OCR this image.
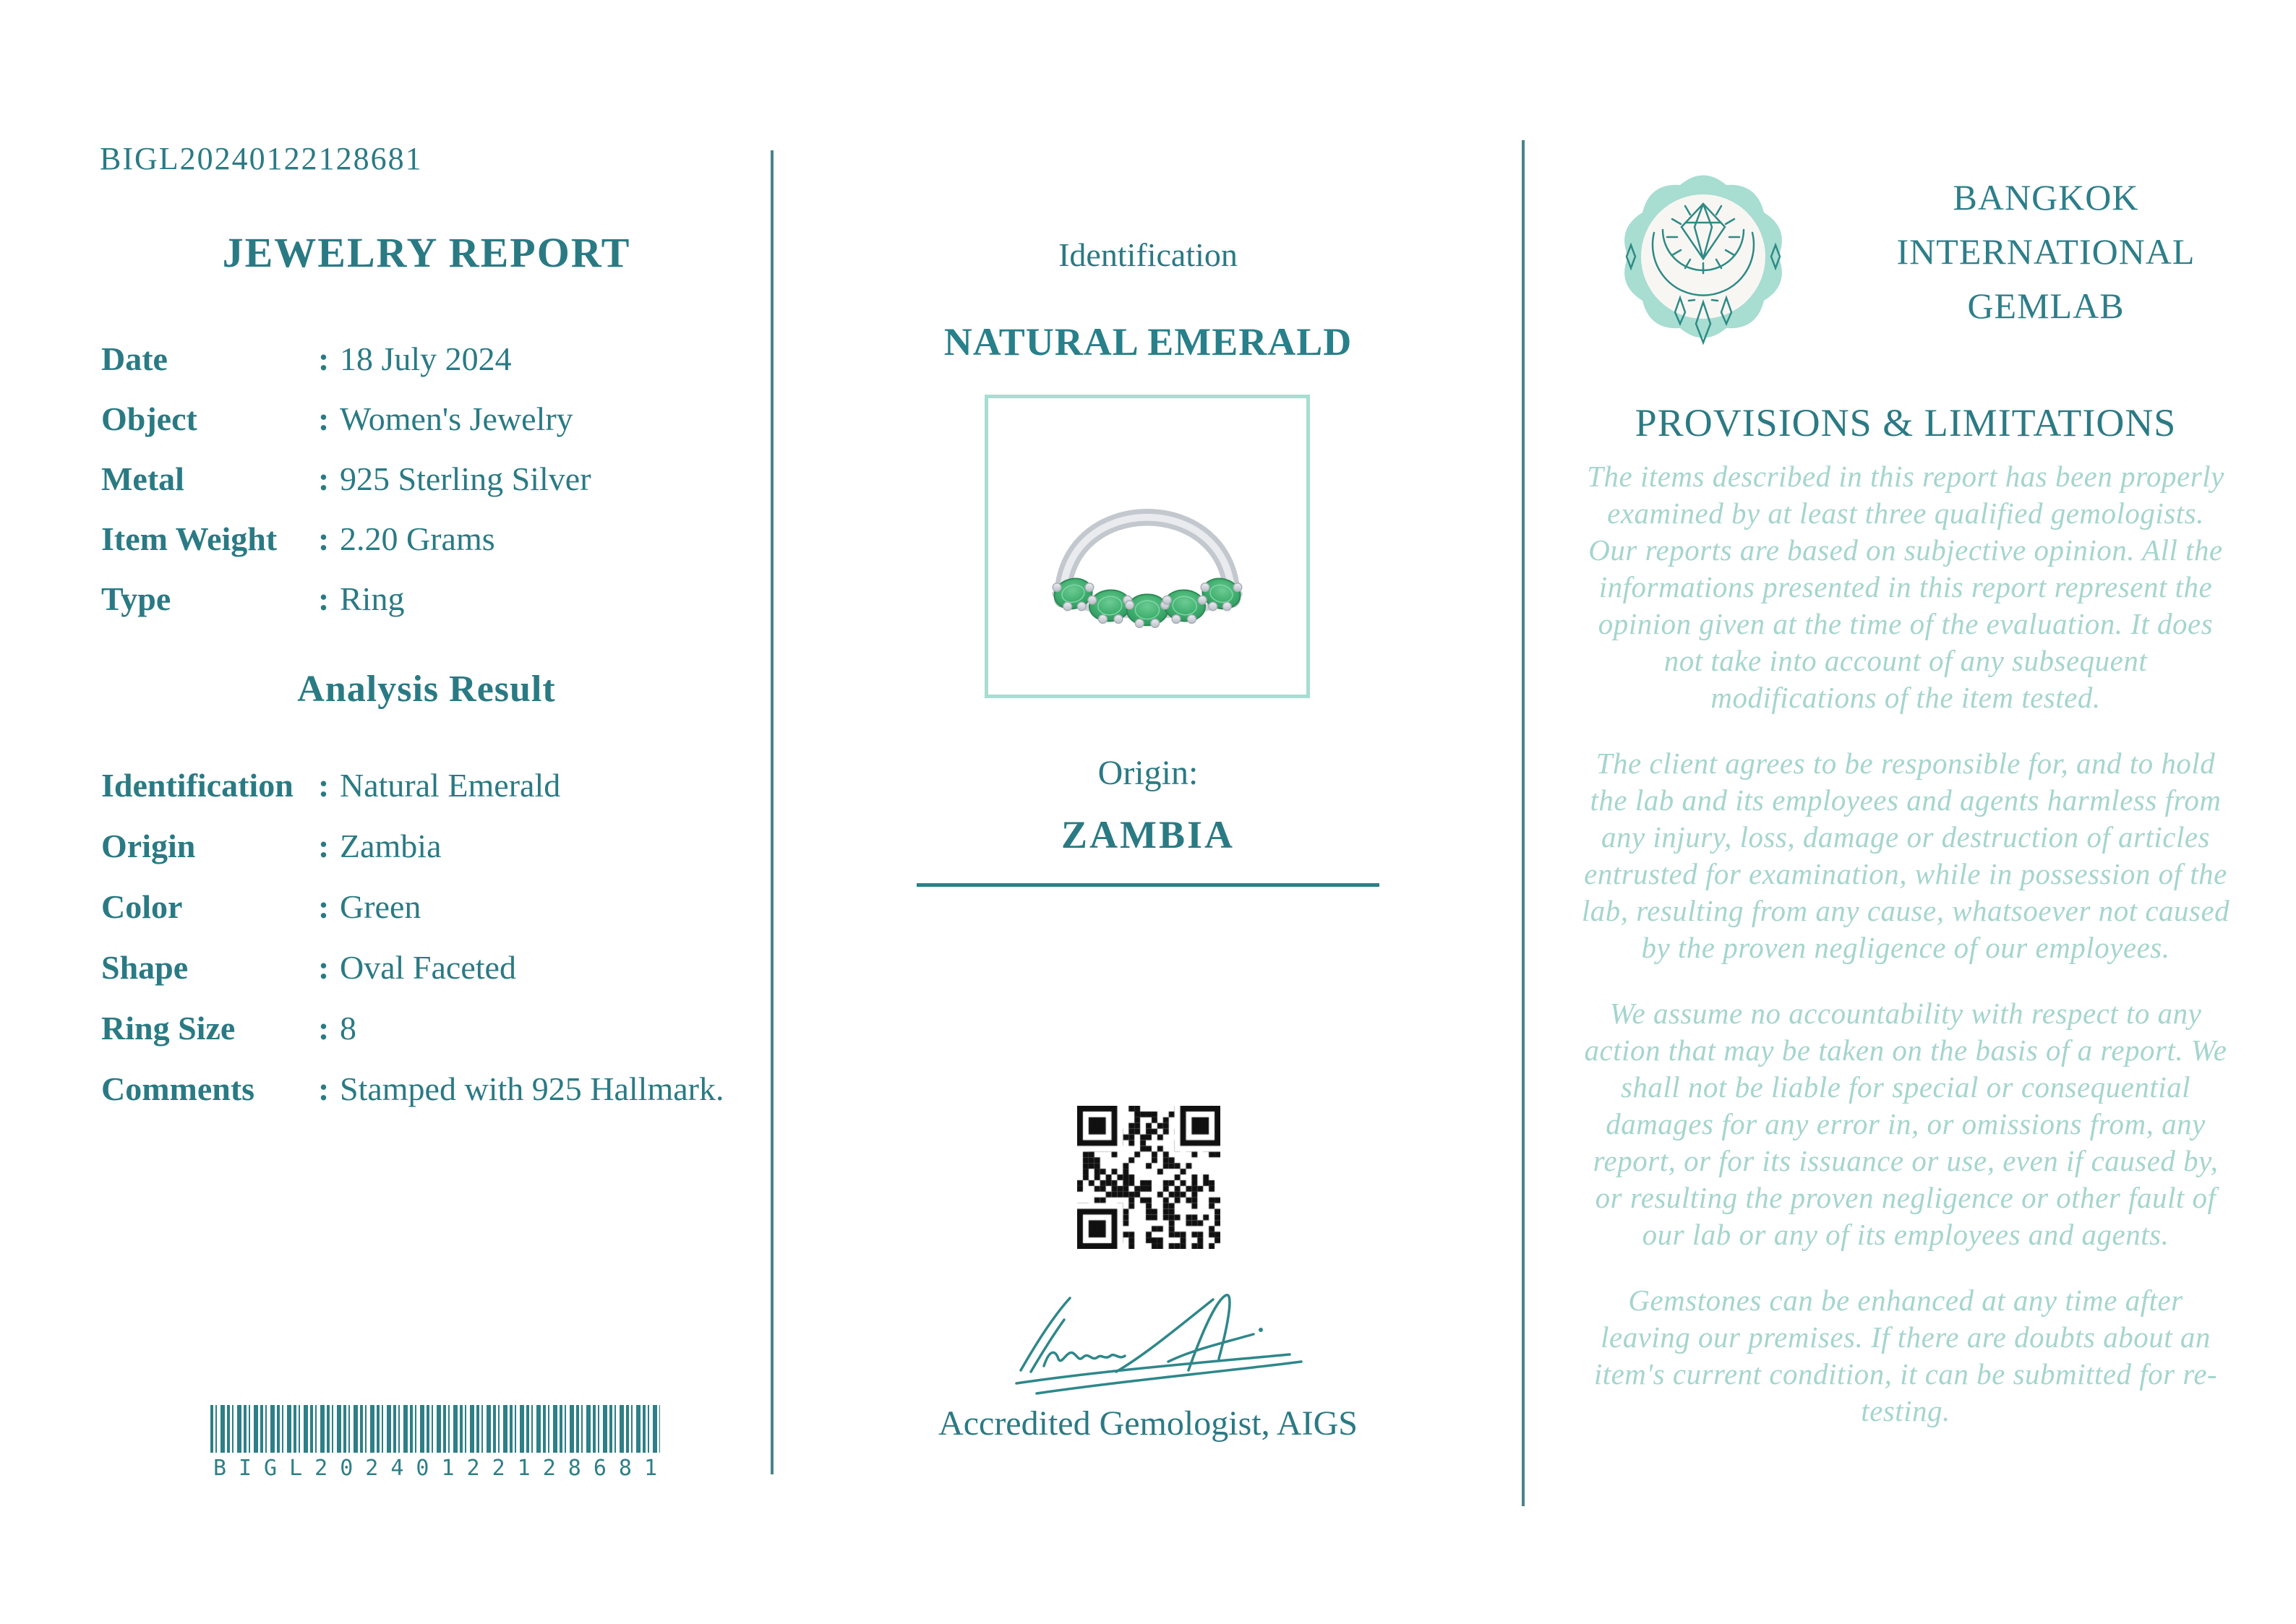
BIGL20240122128681
JEWELRY REPORT
Date :	18 July 2024
Object :	Women's Jewelry
Metal :	925 Sterling Silver
Item Weight :	2.20 Grams
Type :	Ring
Analysis Result
Identification :	Natural Emerald
Origin :	Zambia
Color :	Green
Shape :	Oval Faceted
Ring Size :	8
Comments :	Stamped with 925 Hallmark.
BIGL20240122128681
Identification
NATURAL EMERALD
Origin:
ZAMBIA
Accredited Gemologist, AIGS
BANGKOK
INTERNATIONAL
GEMLAB
PROVISIONS & LIMITATIONS

The items described in this report has been properly examined by at least three qualified gemologists. Our reports are based on subjective opinion. All the informations presented in this report represent the opinion given at the time of the evaluation. It does not take into account of any subsequent modifications of the item tested.

The client agrees to be responsible for, and to hold the lab and its employees and agents harmless from any injury, loss, damage or destruction of articles entrusted for examination, while in possession of the lab, resulting from any cause, whatsoever not caused by the proven negligence of our employees.

We assume no accountability with respect to any action that may be taken on the basis of a report. We shall not be liable for special or consequential damages for any error in, or omissions from, any report, or for its issuance or use, even if caused by, or resulting the proven negligence or other fault of our lab or any of its employees and agents.

Gemstones can be enhanced at any time after leaving our premises. If there are doubts about an item's current condition, it can be submitted for re-testing.
